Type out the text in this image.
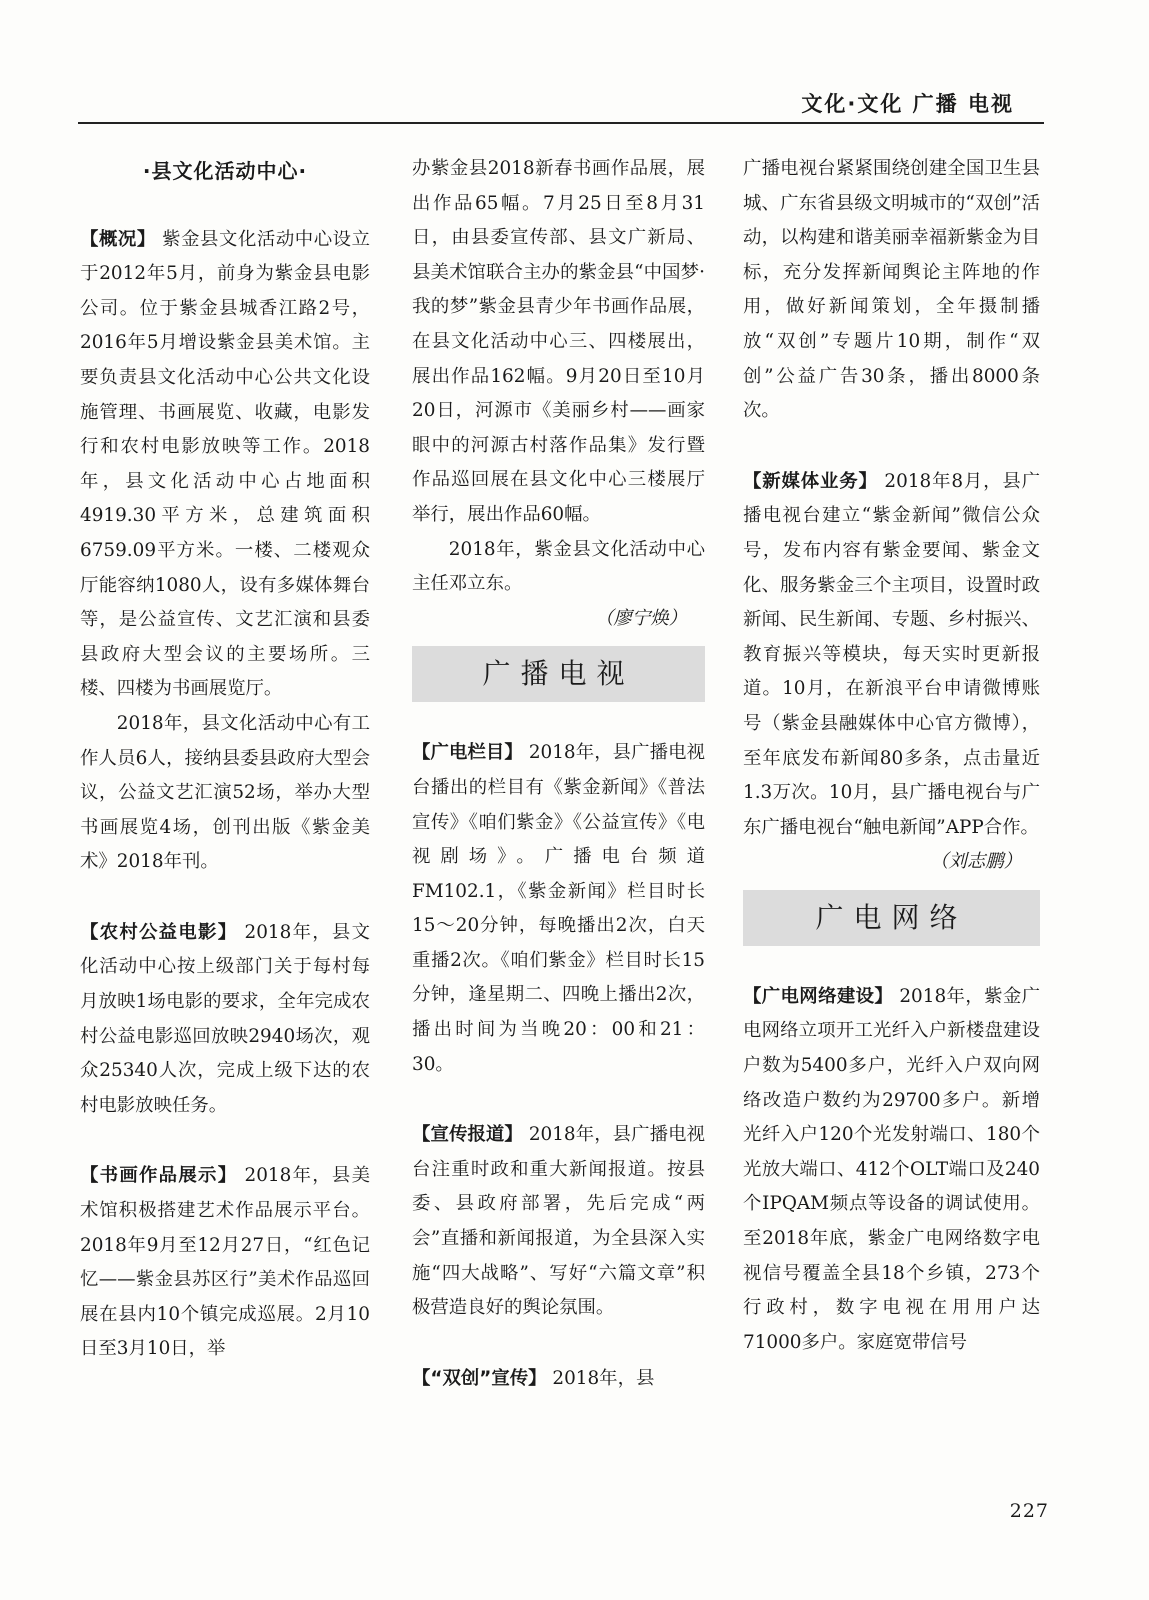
文化·文化 广播 电视
·县文化活动中心·

【概况】 紫金县文化活动中心设立于2012年5月，前身为紫金县电影公司。位于紫金县城香江路2号，2016年5月增设紫金县美术馆。主要负责县文化活动中心公共文化设施管理、书画展览、收藏，电影发行和农村电影放映等工作。2018年，县文化活动中心占地面积4919.30平方米，总建筑面积6759.09平方米。一楼、二楼观众厅能容纳1080人，设有多媒体舞台等，是公益宣传、文艺汇演和县委县政府大型会议的主要场所。三楼、四楼为书画展览厅。

2018年，县文化活动中心有工作人员6人，接纳县委县政府大型会议，公益文艺汇演52场，举办大型书画展览4场，创刊出版《紫金美术》2018年刊。

【农村公益电影】 2018年，县文化活动中心按上级部门关于每村每月放映1场电影的要求，全年完成农村公益电影巡回放映2940场次，观众25340人次，完成上级下达的农村电影放映任务。

【书画作品展示】 2018年，县美术馆积极搭建艺术作品展示平台。2018年9月至12月27日，“红色记忆——紫金县苏区行”美术作品巡回展在县内10个镇完成巡展。2月10日至3月10日，举

办紫金县2018新春书画作品展，展出作品65幅。7月25日至8月31日，由县委宣传部、县文广新局、县美术馆联合主办的紫金县“中国梦·我的梦”紫金县青少年书画作品展，在县文化活动中心三、四楼展出，展出作品162幅。9月20日至10月20日，河源市《美丽乡村——画家眼中的河源古村落作品集》发行暨作品巡回展在县文化中心三楼展厅举行，展出作品60幅。

2018年，紫金县文化活动中心主任邓立东。

（廖宁焕）

广播电视

【广电栏目】 2018年，县广播电视台播出的栏目有《紫金新闻》《普法宣传》《咱们紫金》《公益宣传》《电视剧场》。广播电台频道FM102.1，《紫金新闻》栏目时长15～20分钟，每晚播出2次，白天重播2次。《咱们紫金》栏目时长15分钟，逢星期二、四晚上播出2次，播出时间为当晚20：00和21：30。

【宣传报道】 2018年，县广播电视台注重时政和重大新闻报道。按县委、县政府部署，先后完成“两会”直播和新闻报道，为全县深入实施“四大战略”、写好“六篇文章”积极营造良好的舆论氛围。

【“双创”宣传】 2018年，县

广播电视台紧紧围绕创建全国卫生县城、广东省县级文明城市的“双创”活动，以构建和谐美丽幸福新紫金为目标，充分发挥新闻舆论主阵地的作用，做好新闻策划，全年摄制播放“双创”专题片10期，制作“双创”公益广告30条，播出8000条次。

【新媒体业务】 2018年8月，县广播电视台建立“紫金新闻”微信公众号，发布内容有紫金要闻、紫金文化、服务紫金三个主项目，设置时政新闻、民生新闻、专题、乡村振兴、教育振兴等模块，每天实时更新报道。10月，在新浪平台申请微博账号（紫金县融媒体中心官方微博），至年底发布新闻80多条，点击量近1.3万次。10月，县广播电视台与广东广播电视台“触电新闻”APP合作。

（刘志鹏）

广电网络

【广电网络建设】 2018年，紫金广电网络立项开工光纤入户新楼盘建设户数为5400多户，光纤入户双向网络改造户数约为29700多户。新增光纤入户120个光发射端口、180个光放大端口、412个OLT端口及240个IPQAM频点等设备的调试使用。至2018年底，紫金广电网络数字电视信号覆盖全县18个乡镇，273个行政村，数字电视在用用户达71000多户。家庭宽带信号

227
